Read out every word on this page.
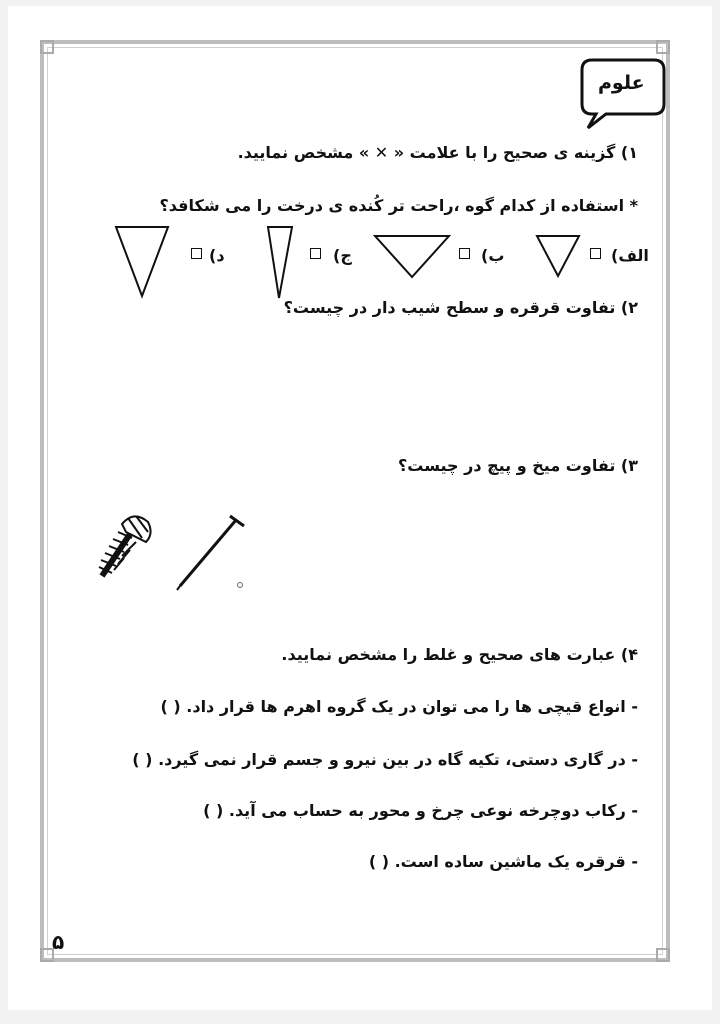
علوم
۱) گزینه ی صحیح را با علامت « ✕ » مشخص نمایید.
* استفاده از کدام گوه ،راحت تر کُنده ی درخت را می شکافد؟
الف)
ب)
ج)
د)
۲) تفاوت قرقره و سطح شیب دار در چیست؟
۳) تفاوت میخ و پیچ در چیست؟
۴) عبارت های صحیح و غلط را مشخص نمایید.
- انواع قیچی ها را می توان در یک گروه اهرم ها قرار داد. ( )
- در گاری دستی، تکیه گاه در بین نیرو و جسم قرار نمی گیرد. ( )
- رکاب دوچرخه نوعی چرخ و محور به حساب می آید. ( )
- قرقره یک ماشین ساده است. ( )
۵
